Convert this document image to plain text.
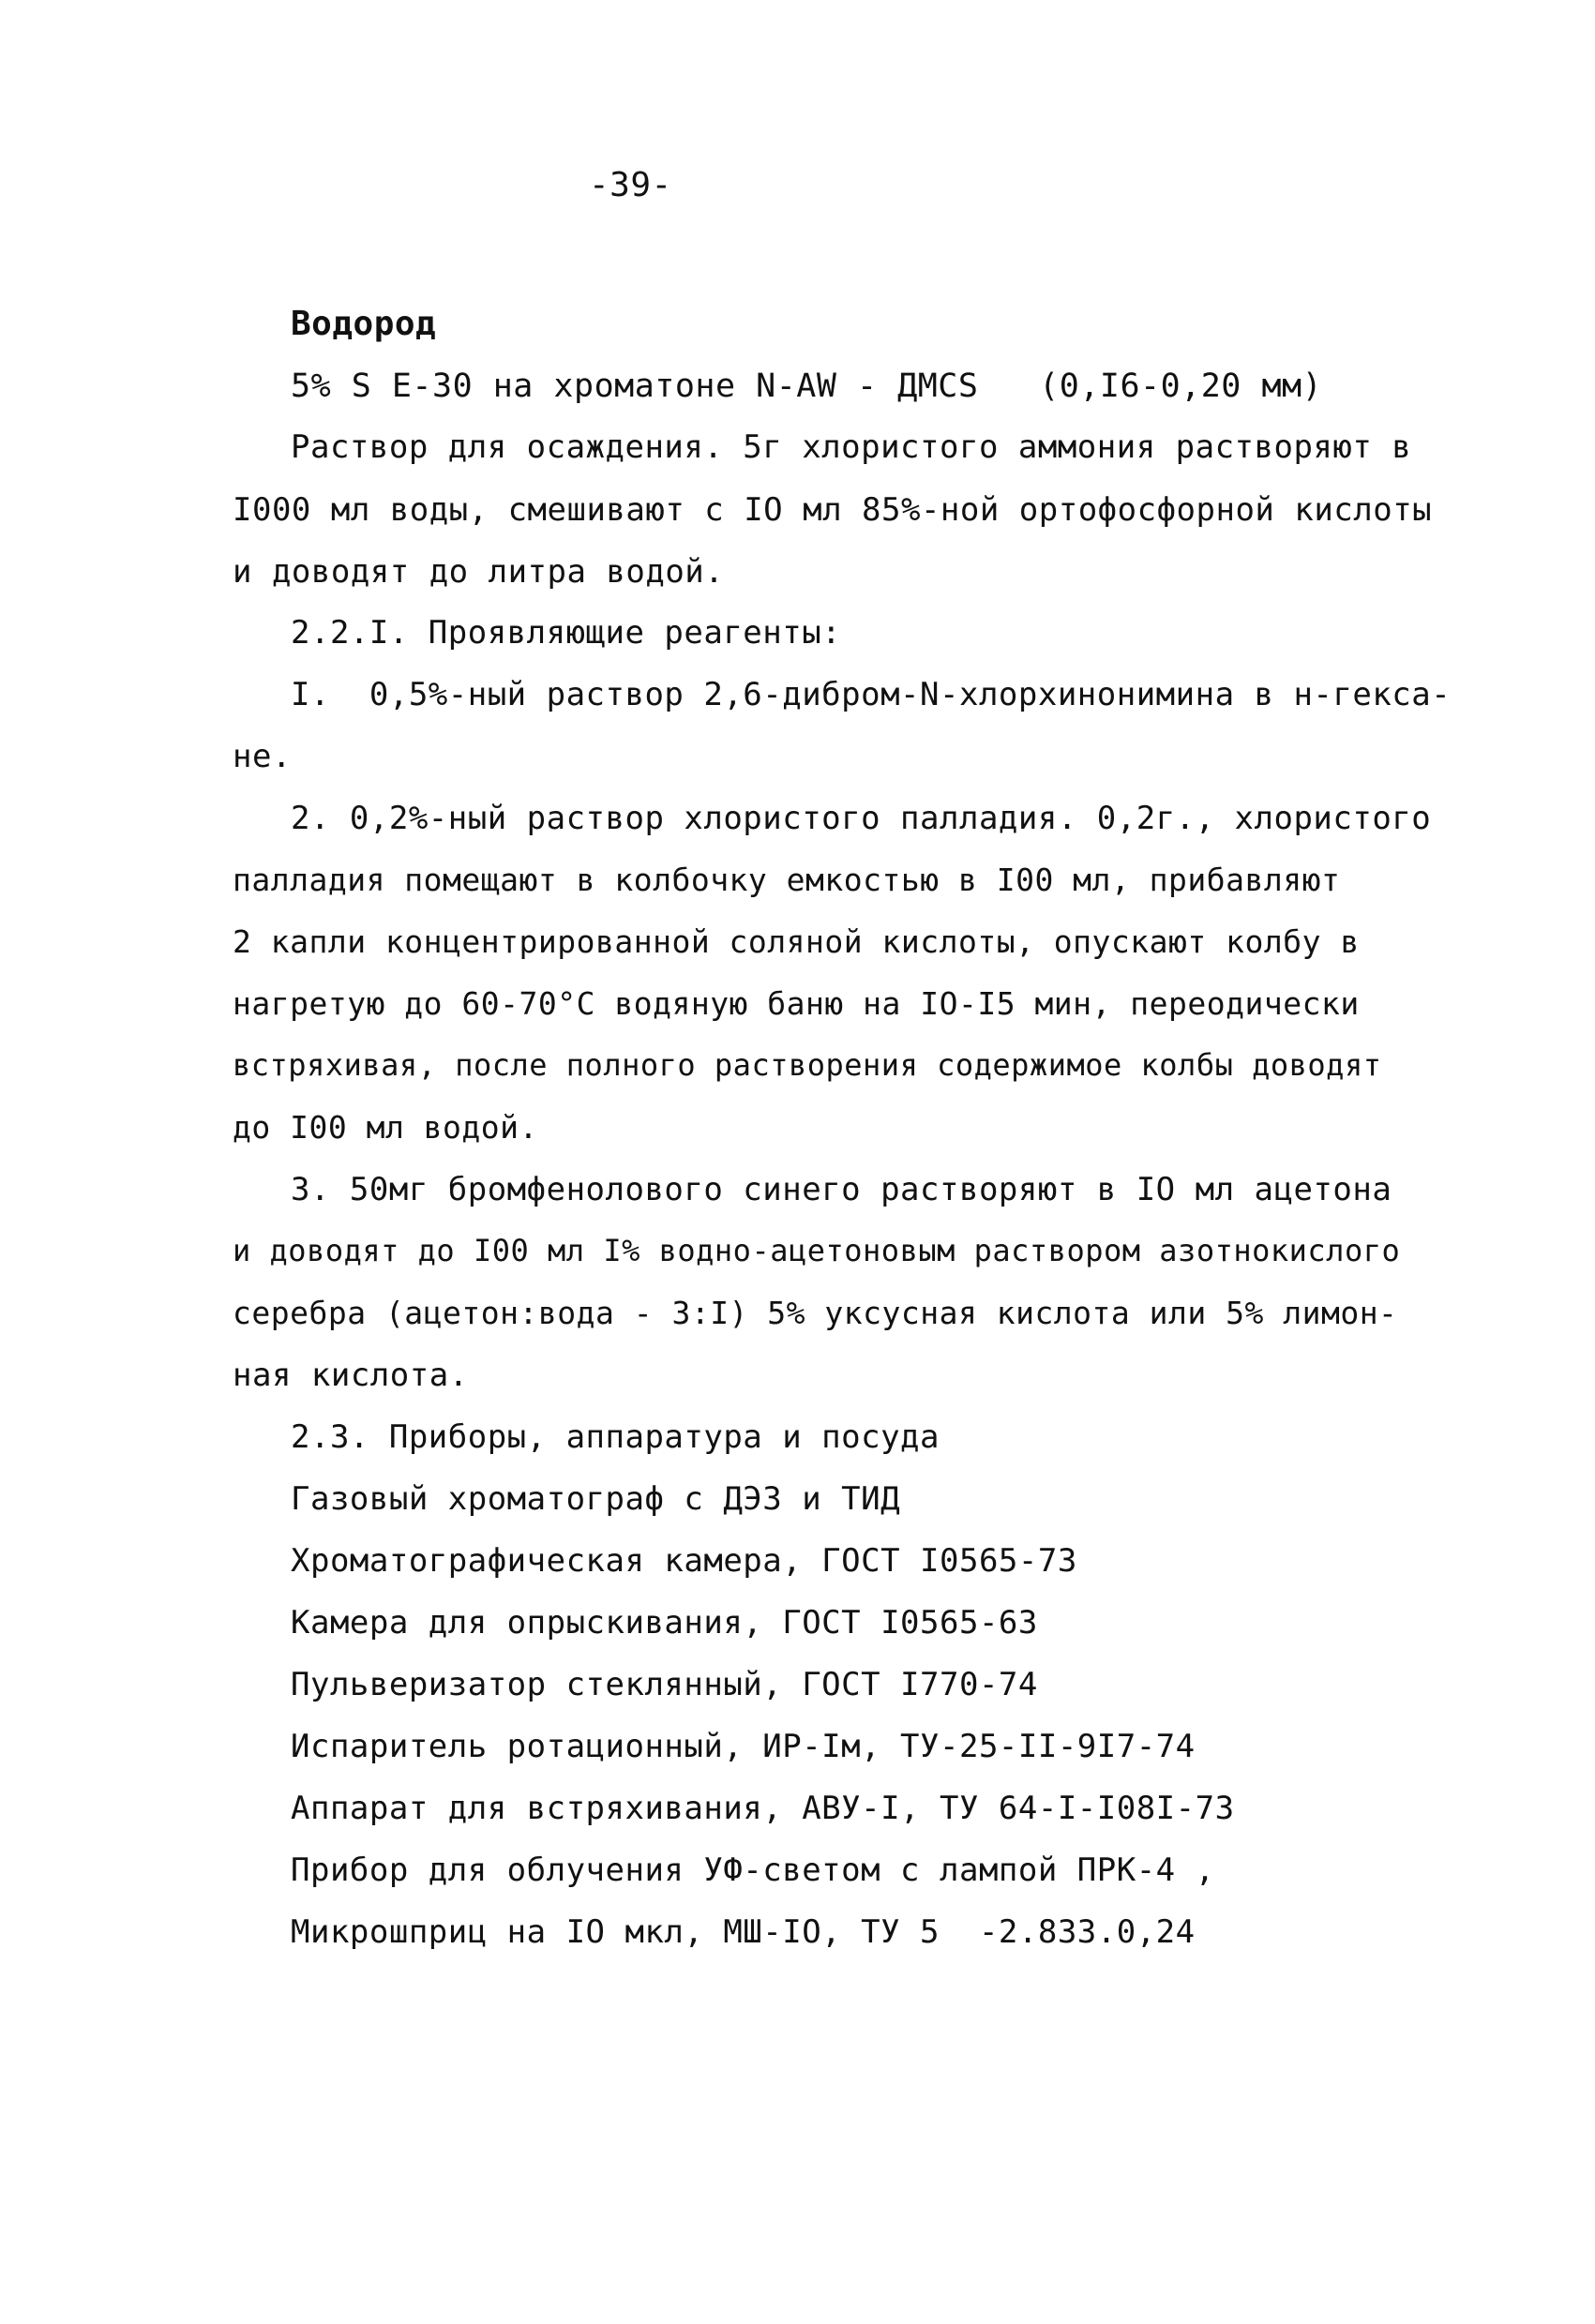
-39-
Водород
5% S E-30 на хроматоне N-AW - ДМСS   (0,I6-0,20 мм)
Раствор для осаждения. 5г хлористого аммония растворяют в
I000 мл воды, смешивают с IO мл 85%-ной ортофосфорной кислоты
и доводят до литра водой.
2.2.I. Проявляющие реагенты:
I.  0,5%-ный раствор 2,6-дибром-N-хлорхинонимина в н-гекса-
не.
2. 0,2%-ный раствор хлористого палладия. 0,2г., хлористого
палладия помещают в колбочку емкостью в I00 мл, прибавляют
2 капли концентрированной соляной кислоты, опускают колбу в
нагретую до 60-70°С водяную баню на IO-I5 мин, переодически
встряхивая, после полного растворения содержимое колбы доводят
до I00 мл водой.
3. 50мг бромфенолового синего растворяют в IO мл ацетона
и доводят до I00 мл I% водно-ацетоновым раствором азотнокислого
серебра (ацетон:вода - 3:I) 5% уксусная кислота или 5% лимон-
ная кислота.
2.3. Приборы, аппаратура и посуда
Газовый хроматограф с ДЭЗ и ТИД
Хроматографическая камера, ГОСТ I0565-73
Камера для опрыскивания, ГОСТ I0565-63
Пульверизатор стеклянный, ГОСТ I770-74
Испаритель ротационный, ИР-Iм, ТУ-25-II-9I7-74
Аппарат для встряхивания, АВУ-I, ТУ 64-I-I08I-73
Прибор для облучения УФ-светом с лампой ПРК-4 ,
Микрошприц на IO мкл, МШ-IO, ТУ 5  -2.833.0,24
